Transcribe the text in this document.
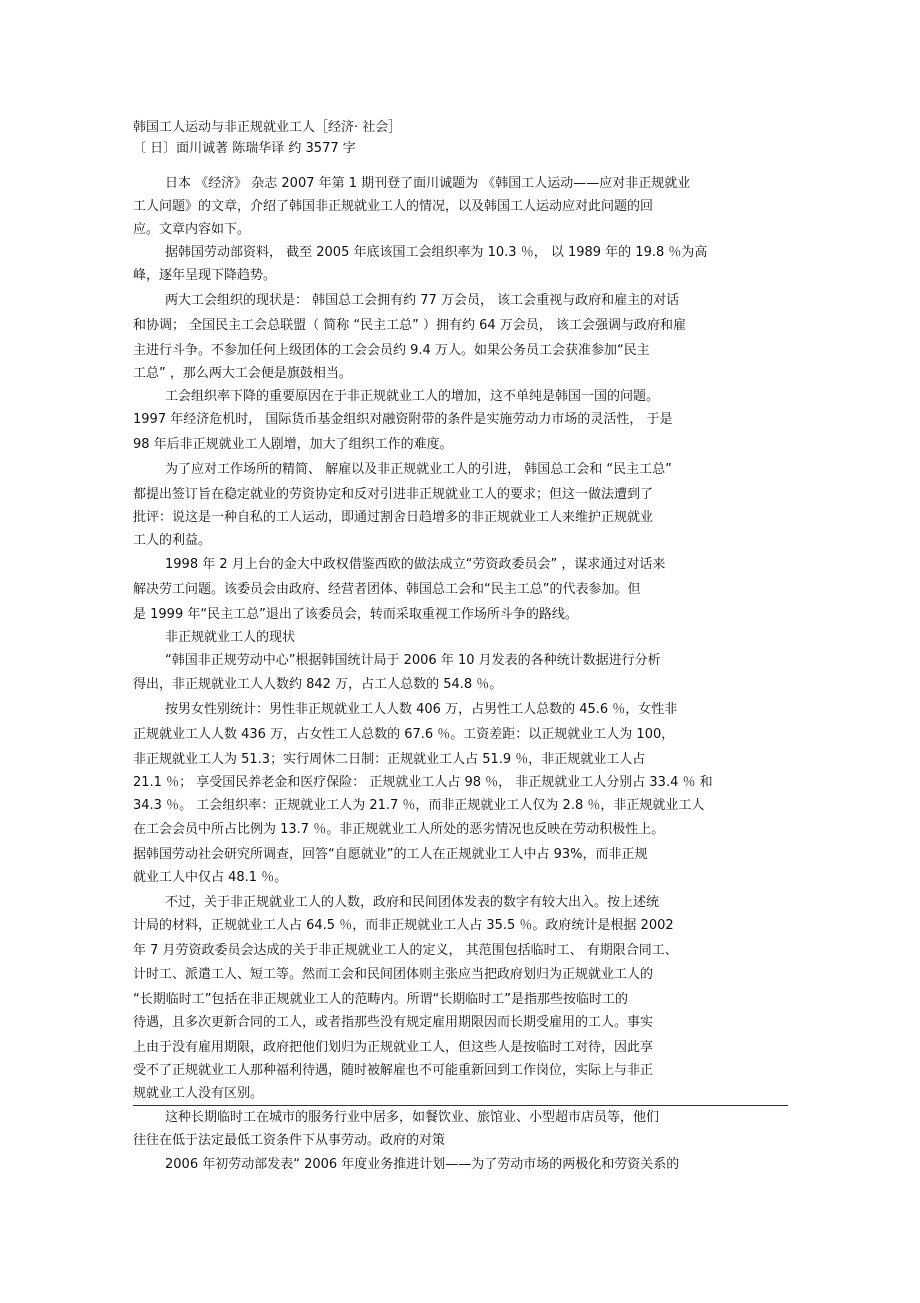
韩国工人运动与非正规就业工人［经济· 社会］
〔 日〕面川诚著 陈瑞华译 约 3577 字
日本 《经济》 杂志 2007 年第 1 期刊登了面川诚题为 《韩国工人运动——应对非正规就业
工人问题》的文章，介绍了韩国非正规就业工人的情况，以及韩国工人运动应对此问题的回
应。文章内容如下。
据韩国劳动部资料， 截至 2005 年底该国工会组织率为 10.3 ％， 以 1989 年的 19.8 ％为高
峰，逐年呈现下降趋势。
两大工会组织的现状是： 韩国总工会拥有约 77 万会员， 该工会重视与政府和雇主的对话
和协调； 全国民主工会总联盟（ 简称 “民主工总” ）拥有约 64 万会员， 该工会强调与政府和雇
主进行斗争。不参加任何上级团体的工会会员约 9.4 万人。如果公务员工会获准参加“民主
工总” ，那么两大工会便是旗鼓相当。
工会组织率下降的重要原因在于非正规就业工人的增加，这不单纯是韩国一国的问题。
1997 年经济危机时， 国际货币基金组织对融资附带的条件是实施劳动力市场的灵活性， 于是
98 年后非正规就业工人剧增，加大了组织工作的难度。
为了应对工作场所的精简、 解雇以及非正规就业工人的引进， 韩国总工会和 “民主工总”
都提出签订旨在稳定就业的劳资协定和反对引进非正规就业工人的要求；但这一做法遭到了
批评：说这是一种自私的工人运动，即通过割舍日趋增多的非正规就业工人来维护正规就业
工人的利益。
1998 年 2 月上台的金大中政权借鉴西欧的做法成立“劳资政委员会” ，谋求通过对话来
解决劳工问题。该委员会由政府、经营者团体、韩国总工会和“民主工总”的代表参加。但
是 1999 年“民主工总”退出了该委员会，转而采取重视工作场所斗争的路线。
非正规就业工人的现状
“韩国非正规劳动中心”根据韩国统计局于 2006 年 10 月发表的各种统计数据进行分析
得出，非正规就业工人人数约 842 万，占工人总数的 54.8 ％。
按男女性别统计：男性非正规就业工人人数 406 万，占男性工人总数的 45.6 ％，女性非
正规就业工人人数 436 万，占女性工人总数的 67.6 ％。工资差距：以正规就业工人为 100，
非正规就业工人为 51.3；实行周休二日制：正规就业工人占 51.9 ％，非正规就业工人占
21.1 ％； 享受国民养老金和医疗保险： 正规就业工人占 98 ％， 非正规就业工人分别占 33.4 ％ 和
34.3 ％。 工会组织率：正规就业工人为 21.7 ％，而非正规就业工人仅为 2.8 ％，非正规就业工人
在工会会员中所占比例为 13.7 ％。非正规就业工人所处的恶劣情况也反映在劳动积极性上。
据韩国劳动社会研究所调查，回答“自愿就业”的工人在正规就业工人中占 93%，而非正规
就业工人中仅占 48.1 ％。
不过，关于非正规就业工人的人数，政府和民间团体发表的数字有较大出入。按上述统
计局的材料，正规就业工人占 64.5 ％，而非正规就业工人占 35.5 ％。政府统计是根据 2002
年 7 月劳资政委员会达成的关于非正规就业工人的定义， 其范围包括临时工、 有期限合同工、
计时工、派遣工人、短工等。然而工会和民间团体则主张应当把政府划归为正规就业工人的
“长期临时工”包括在非正规就业工人的范畴内。所谓“长期临时工”是指那些按临时工的
待遇，且多次更新合同的工人，或者指那些没有规定雇用期限因而长期受雇用的工人。事实
上由于没有雇用期限，政府把他们划归为正规就业工人，但这些人是按临时工对待，因此享
受不了正规就业工人那种福利待遇，随时被解雇也不可能重新回到工作岗位，实际上与非正
规就业工人没有区别。
这种长期临时工在城市的服务行业中居多，如餐饮业、旅馆业、小型超市店员等，他们
往往在低于法定最低工资条件下从事劳动。政府的对策
2006 年初劳动部发表“ 2006 年度业务推进计划——为了劳动市场的两极化和劳资关系的
